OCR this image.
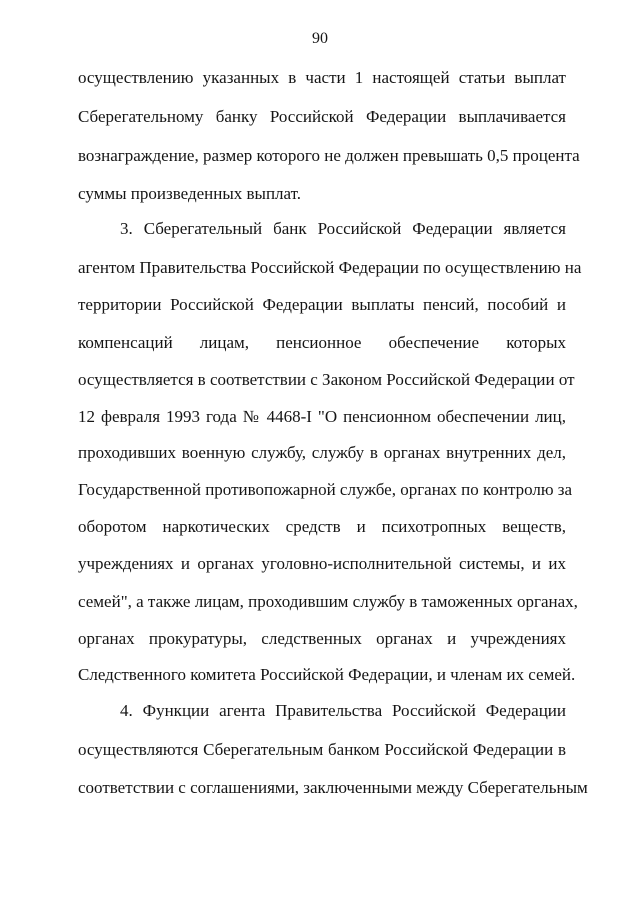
90
осуществлению указанных в части 1 настоящей статьи выплат
Сберегательному банку Российской Федерации выплачивается
вознаграждение, размер которого не должен превышать 0,5 процента
суммы произведенных выплат.
3. Сберегательный банк Российской Федерации является
агентом Правительства Российской Федерации по осуществлению на
территории Российской Федерации выплаты пенсий, пособий и
компенсаций лицам, пенсионное обеспечение которых
осуществляется в соответствии с Законом Российской Федерации от
12 февраля 1993 года № 4468-I "О пенсионном обеспечении лиц,
проходивших военную службу, службу в органах внутренних дел,
Государственной противопожарной службе, органах по контролю за
оборотом наркотических средств и психотропных веществ,
учреждениях и органах уголовно-исполнительной системы, и их
семей", а также лицам, проходившим службу в таможенных органах,
органах прокуратуры, следственных органах и учреждениях
Следственного комитета Российской Федерации, и членам их семей.
4. Функции агента Правительства Российской Федерации
осуществляются Сберегательным банком Российской Федерации в
соответствии с соглашениями, заключенными между Сберегательным
